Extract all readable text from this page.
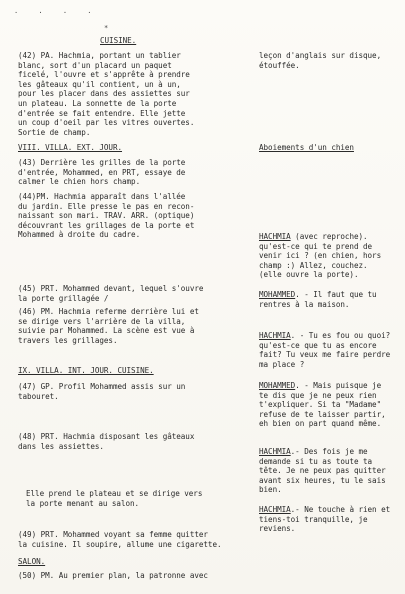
· · · ·
*
CUISINE.
(42) PA. Hachmia, portant un tablier
blanc, sort d'un placard un paquet
ficelé, l'ouvre et s'apprête à prendre
les gâteaux qu'il contient, un à un,
pour les placer dans des assiettes sur
un plateau. La sonnette de la porte
d'entrée se fait entendre. Elle jette
un coup d'oeil par les vitres ouvertes.
Sortie de champ.
VIII. VILLA. EXT. JOUR.
(43) Derrière les grilles de la porte
d'entrée, Mohammed, en PRT, essaye de
calmer le chien hors champ.
(44)PM. Hachmia apparaît dans l'allée
du jardin. Elle presse le pas en recon-
naissant son mari. TRAV. ARR. (optique)
découvrant les grillages de la porte et
Mohammed à droite du cadre.
(45) PRT. Mohammed devant, lequel s'ouvre
la porte grillagée /
(46) PM. Hachmia referme derrière lui et
se dirige vers l'arrière de la villa,
suivie par Mohammed. La scène est vue à
travers les grillages.
IX. VILLA. INT. JOUR. CUISINE.
(47) GP. Profil Mohammed assis sur un
tabouret.
(48) PRT. Hachmia disposant les gâteaux
dans les assiettes.
Elle prend le plateau et se dirige vers
la porte menant au salon.
(49) PRT. Mohammed voyant sa femme quitter
la cuisine. Il soupire, allume une cigarette.
SALON.
(50) PM. Au premier plan, la patronne avec
leçon d'anglais sur disque,
étouffée.
Aboiements d'un chien
HACHMIA (avec reproche).
qu'est-ce qui te prend de
venir ici ? (en chien, hors
champ :) Allez, couchez.
(elle ouvre la porte).
MOHAMMED. - Il faut que tu
rentres à la maison.
HACHMIA. - Tu es fou ou quoi?
qu'est-ce que tu as encore
fait? Tu veux me faire perdre
ma place ?
MOHAMMED. - Mais puisque je
te dis que je ne peux rien
t'expliquer. Si ta "Madame"
refuse de te laisser partir,
eh bien on part quand même.
HACHMIA.- Des fois je me
demande si tu as toute ta
tête. Je ne peux pas quitter
avant six heures, tu le sais
bien.
HACHMIA.- Ne touche à rien et
tiens-toi tranquille, je
reviens.
